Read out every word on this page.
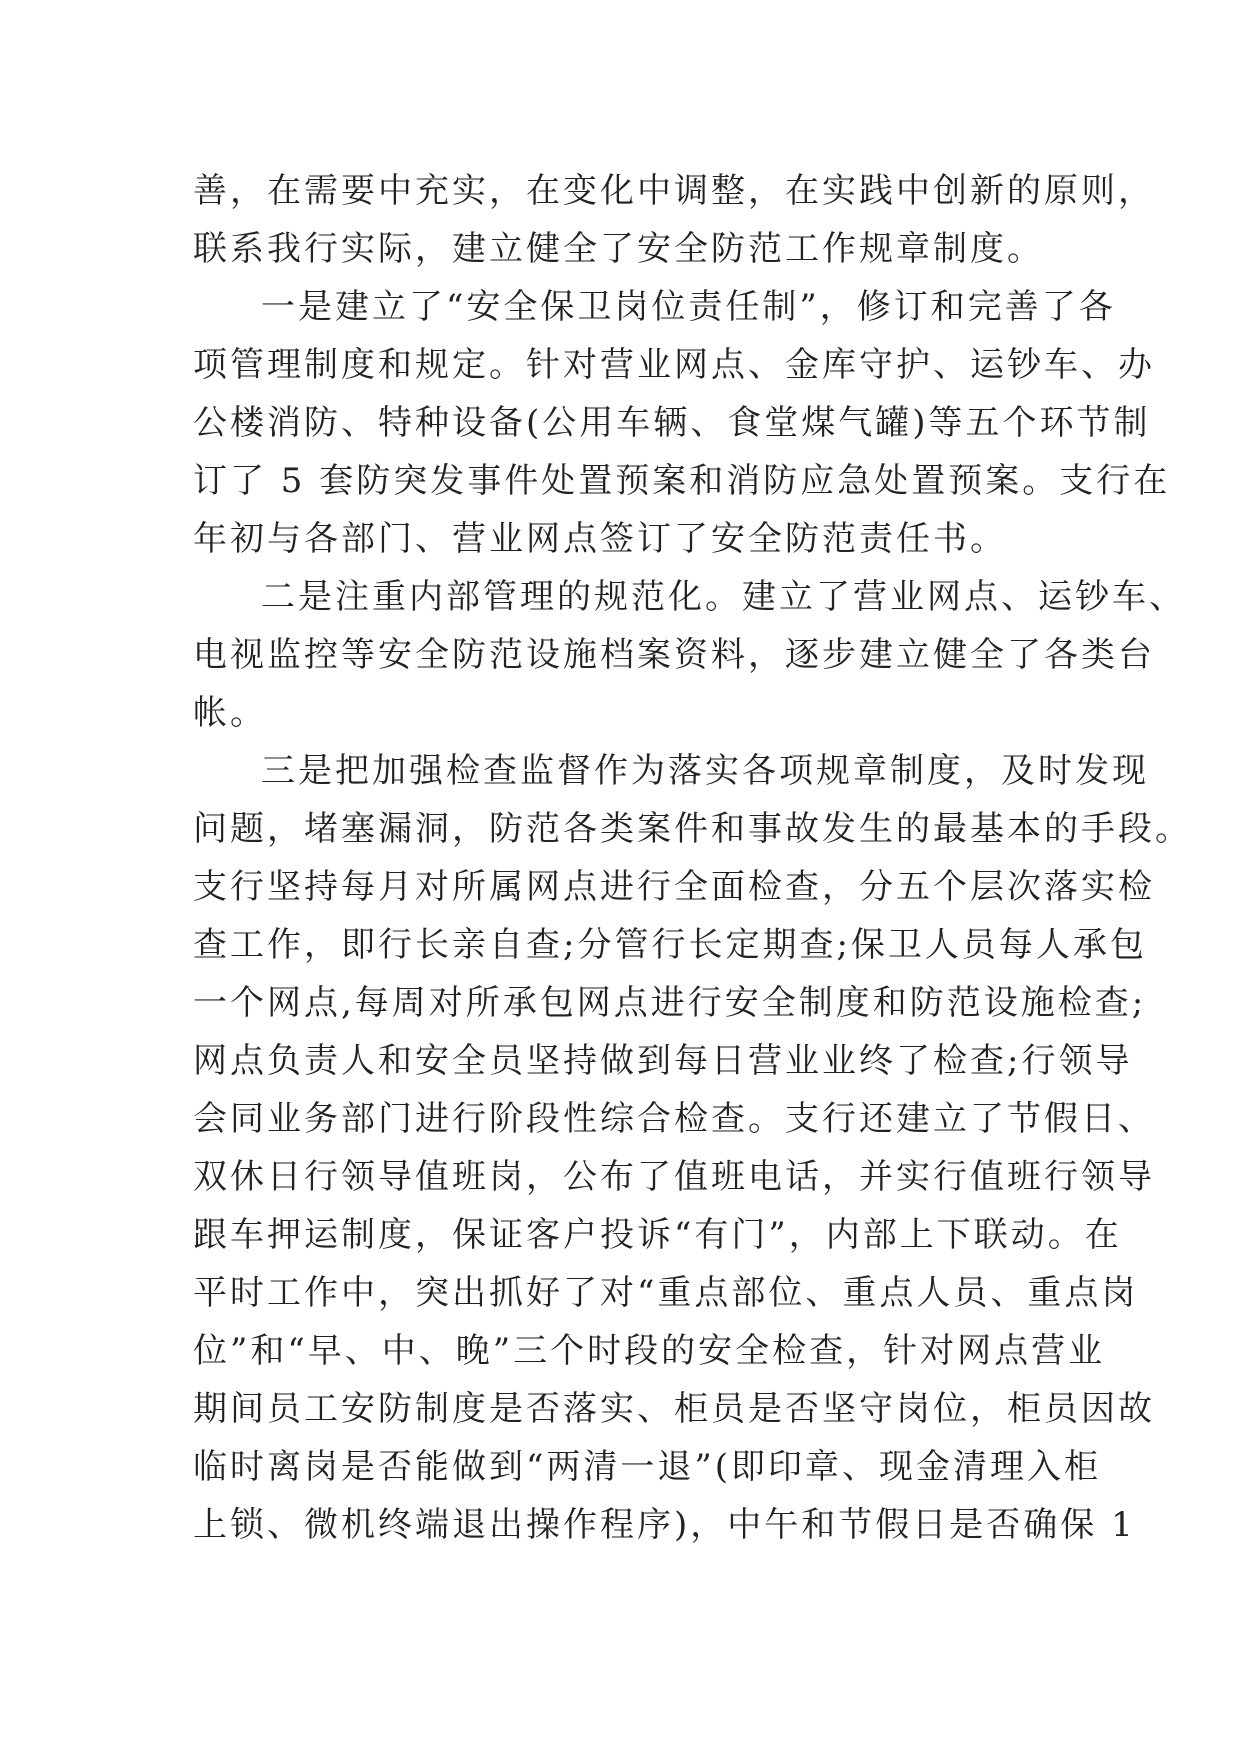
善，在需要中充实，在变化中调整，在实践中创新的原则，
联系我行实际，建立健全了安全防范工作规章制度。
一是建立了“安全保卫岗位责任制”，修订和完善了各
项管理制度和规定。针对营业网点、金库守护、运钞车、办
公楼消防、特种设备(公用车辆、食堂煤气罐)等五个环节制
订了 5 套防突发事件处置预案和消防应急处置预案。支行在
年初与各部门、营业网点签订了安全防范责任书。
二是注重内部管理的规范化。建立了营业网点、运钞车、
电视监控等安全防范设施档案资料，逐步建立健全了各类台
帐。
三是把加强检查监督作为落实各项规章制度，及时发现
问题，堵塞漏洞，防范各类案件和事故发生的最基本的手段。
支行坚持每月对所属网点进行全面检查，分五个层次落实检
查工作，即行长亲自查;分管行长定期查;保卫人员每人承包
一个网点,每周对所承包网点进行安全制度和防范设施检查;
网点负责人和安全员坚持做到每日营业业终了检查;行领导
会同业务部门进行阶段性综合检查。支行还建立了节假日、
双休日行领导值班岗，公布了值班电话，并实行值班行领导
跟车押运制度，保证客户投诉“有门”，内部上下联动。在
平时工作中，突出抓好了对“重点部位、重点人员、重点岗
位”和“早、中、晚”三个时段的安全检查，针对网点营业
期间员工安防制度是否落实、柜员是否坚守岗位，柜员因故
临时离岗是否能做到“两清一退”(即印章、现金清理入柜
上锁、微机终端退出操作程序)，中午和节假日是否确保 1
